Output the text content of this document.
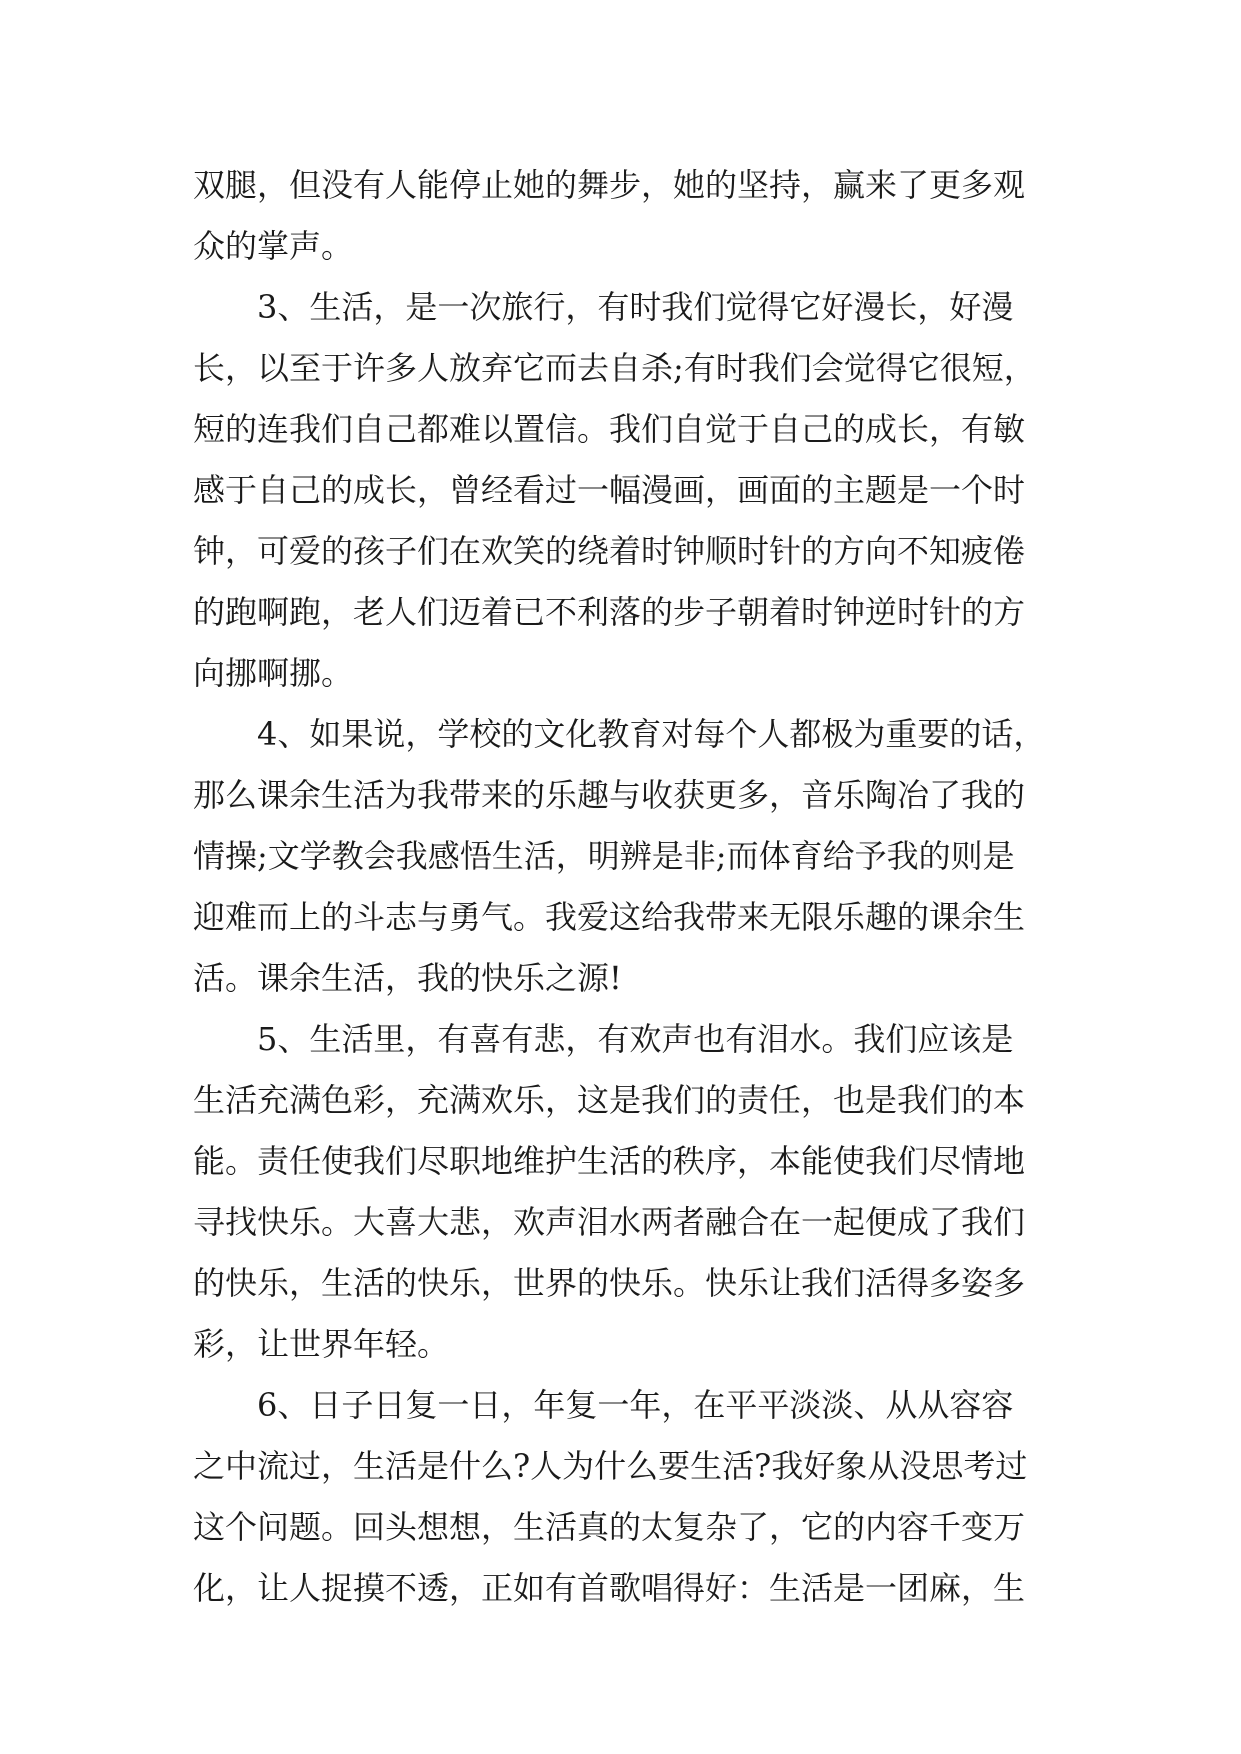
双腿，但没有人能停止她的舞步，她的坚持，赢来了更多观
众的掌声。
3、生活，是一次旅行，有时我们觉得它好漫长，好漫
长，以至于许多人放弃它而去自杀;有时我们会觉得它很短，
短的连我们自己都难以置信。我们自觉于自己的成长，有敏
感于自己的成长，曾经看过一幅漫画，画面的主题是一个时
钟，可爱的孩子们在欢笑的绕着时钟顺时针的方向不知疲倦
的跑啊跑，老人们迈着已不利落的步子朝着时钟逆时针的方
向挪啊挪。
4、如果说，学校的文化教育对每个人都极为重要的话，
那么课余生活为我带来的乐趣与收获更多，音乐陶冶了我的
情操;文学教会我感悟生活，明辨是非;而体育给予我的则是
迎难而上的斗志与勇气。我爱这给我带来无限乐趣的课余生
活。课余生活，我的快乐之源!
5、生活里，有喜有悲，有欢声也有泪水。我们应该是
生活充满色彩，充满欢乐，这是我们的责任，也是我们的本
能。责任使我们尽职地维护生活的秩序，本能使我们尽情地
寻找快乐。大喜大悲，欢声泪水两者融合在一起便成了我们
的快乐，生活的快乐，世界的快乐。快乐让我们活得多姿多
彩，让世界年轻。
6、日子日复一日，年复一年，在平平淡淡、从从容容
之中流过，生活是什么?人为什么要生活?我好象从没思考过
这个问题。回头想想，生活真的太复杂了，它的内容千变万
化，让人捉摸不透，正如有首歌唱得好：生活是一团麻，生
